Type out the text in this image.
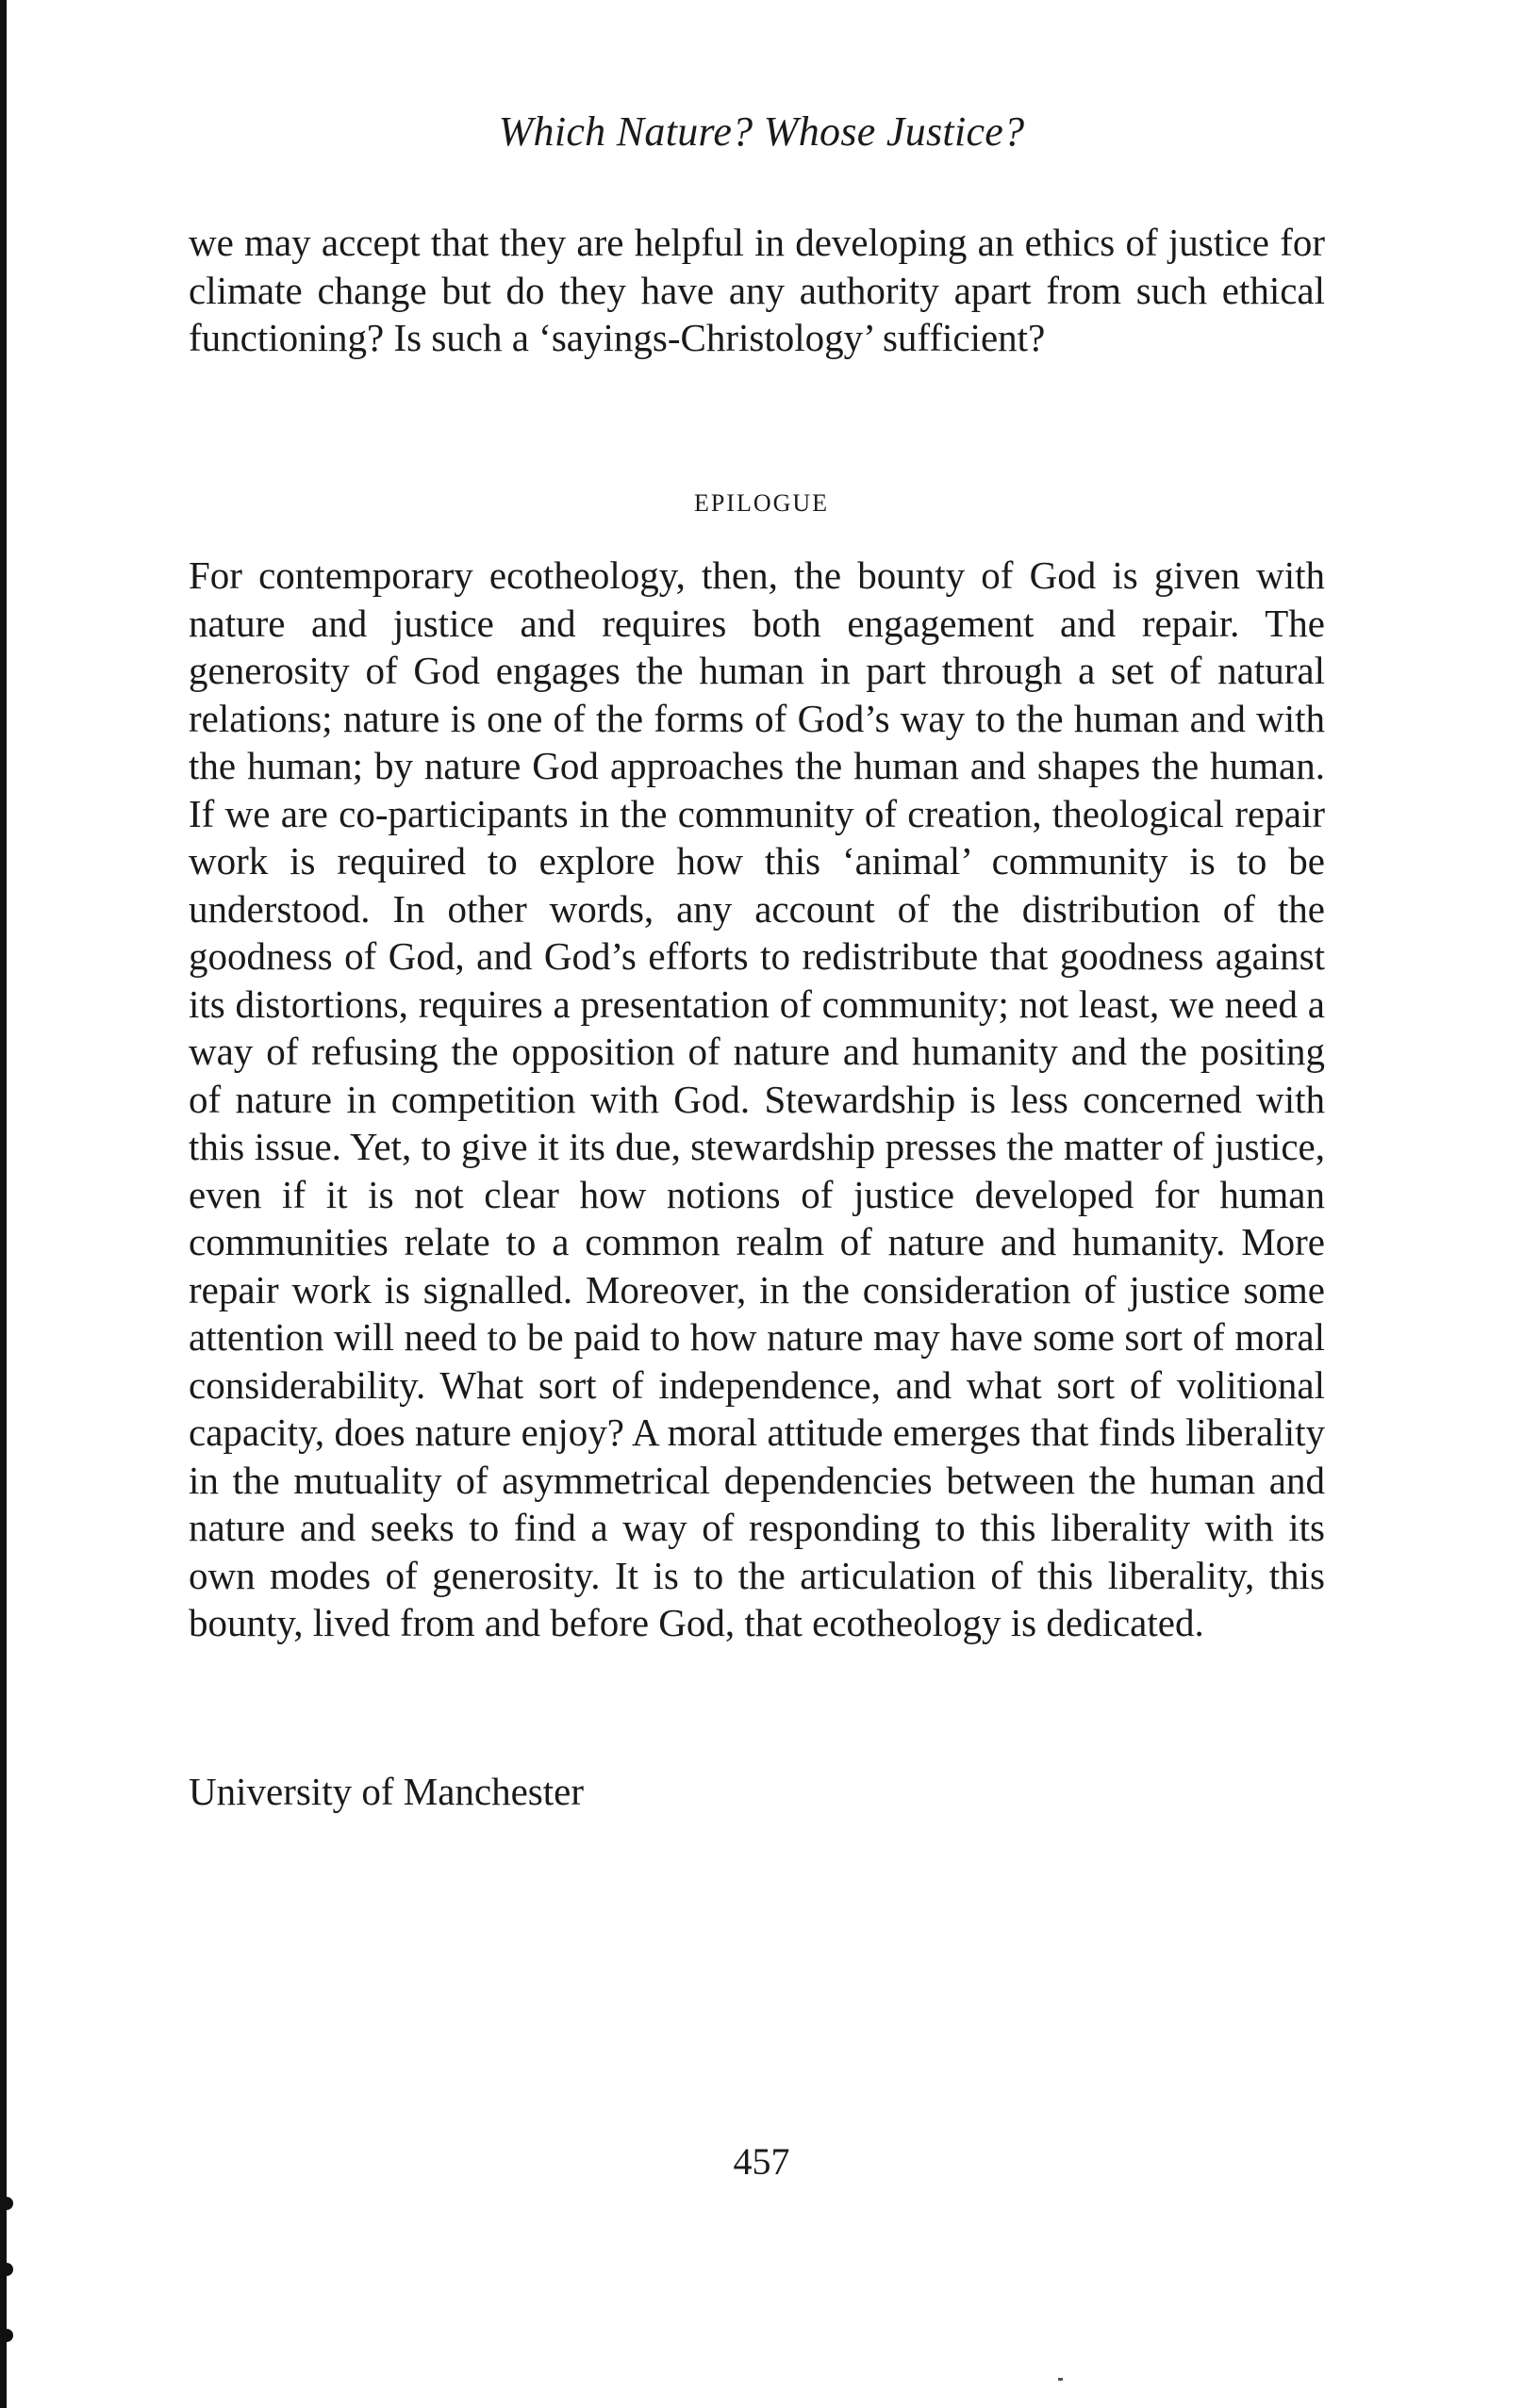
Which Nature? Whose Justice?

we may accept that they are helpful in developing an ethics of justice for climate change but do they have any authority apart from such ethical functioning? Is such a ‘sayings-Christology’ sufficient?

EPILOGUE

For contemporary ecotheology, then, the bounty of God is given with nature and justice and requires both engagement and repair. The generosity of God engages the human in part through a set of natural relations; nature is one of the forms of God’s way to the human and with the human; by nature God approaches the human and shapes the human. If we are co-participants in the community of creation, theological repair work is required to explore how this ‘animal’ community is to be understood. In other words, any account of the distribution of the goodness of God, and God’s efforts to redistribute that goodness against its distortions, requires a presentation of community; not least, we need a way of refusing the opposition of nature and humanity and the positing of nature in competition with God. Stewardship is less concerned with this issue. Yet, to give it its due, stewardship presses the matter of justice, even if it is not clear how notions of justice developed for human communities relate to a common realm of nature and humanity. More repair work is signalled. Moreover, in the consideration of justice some attention will need to be paid to how nature may have some sort of moral considerability. What sort of independence, and what sort of volitional capacity, does nature enjoy? A moral attitude emerges that finds liberality in the mutuality of asymmetrical dependencies between the human and nature and seeks to find a way of responding to this liberality with its own modes of generosity. It is to the articulation of this liberality, this bounty, lived from and before God, that ecotheology is dedicated.

University of Manchester
457
